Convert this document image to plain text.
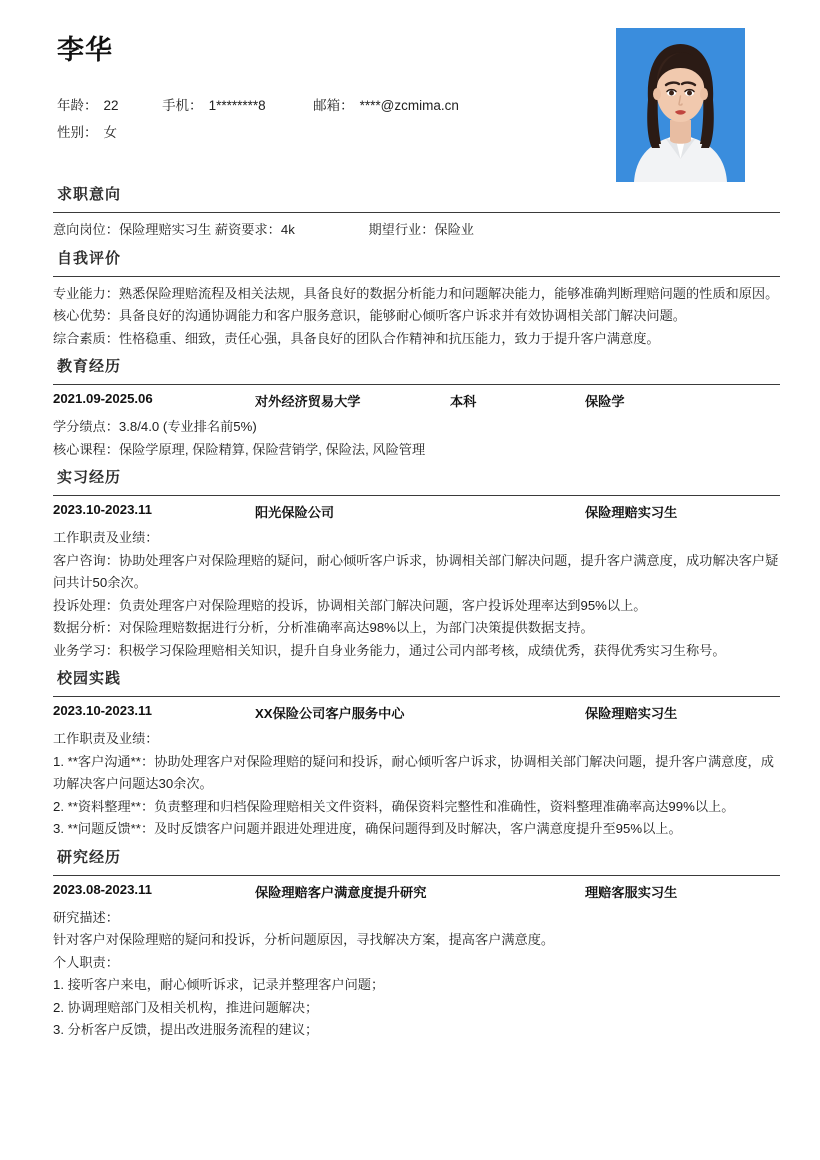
李华
年龄： 22	手机： 1********8	邮箱： ****@zcmima.cn
性别： 女
求职意向
意向岗位：保险理赔实习生 薪资要求：4k	期望行业：保险业
自我评价

专业能力：熟悉保险理赔流程及相关法规，具备良好的数据分析能力和问题解决能力，能够准确判断理赔问题的性质和原因。

核心优势：具备良好的沟通协调能力和客户服务意识，能够耐心倾听客户诉求并有效协调相关部门解决问题。

综合素质：性格稳重、细致，责任心强，具备良好的团队合作精神和抗压能力，致力于提升客户满意度。

教育经历
2021.09-2025.06	对外经济贸易大学	本科	保险学

学分绩点：3.8/4.0 (专业排名前5%)

核心课程：保险学原理, 保险精算, 保险营销学, 保险法, 风险管理

实习经历
2023.10-2023.11	阳光保险公司	保险理赔实习生

工作职责及业绩：

客户咨询：协助处理客户对保险理赔的疑问，耐心倾听客户诉求，协调相关部门解决问题，提升客户满意度，成功解决客户疑问共计50余次。

投诉处理：负责处理客户对保险理赔的投诉，协调相关部门解决问题，客户投诉处理率达到95%以上。

数据分析：对保险理赔数据进行分析，分析准确率高达98%以上，为部门决策提供数据支持。

业务学习：积极学习保险理赔相关知识，提升自身业务能力，通过公司内部考核，成绩优秀，获得优秀实习生称号。

校园实践
2023.10-2023.11	XX保险公司客户服务中心	保险理赔实习生

工作职责及业绩：

1. **客户沟通**：协助处理客户对保险理赔的疑问和投诉，耐心倾听客户诉求，协调相关部门解决问题，提升客户满意度，成功解决客户问题达30余次。

2. **资料整理**：负责整理和归档保险理赔相关文件资料，确保资料完整性和准确性，资料整理准确率高达99%以上。

3. **问题反馈**：及时反馈客户问题并跟进处理进度，确保问题得到及时解决，客户满意度提升至95%以上。

研究经历
2023.08-2023.11	保险理赔客户满意度提升研究	理赔客服实习生

研究描述：

针对客户对保险理赔的疑问和投诉，分析问题原因，寻找解决方案，提高客户满意度。

个人职责：

1. 接听客户来电，耐心倾听诉求，记录并整理客户问题；

2. 协调理赔部门及相关机构，推进问题解决；

3. 分析客户反馈，提出改进服务流程的建议；
